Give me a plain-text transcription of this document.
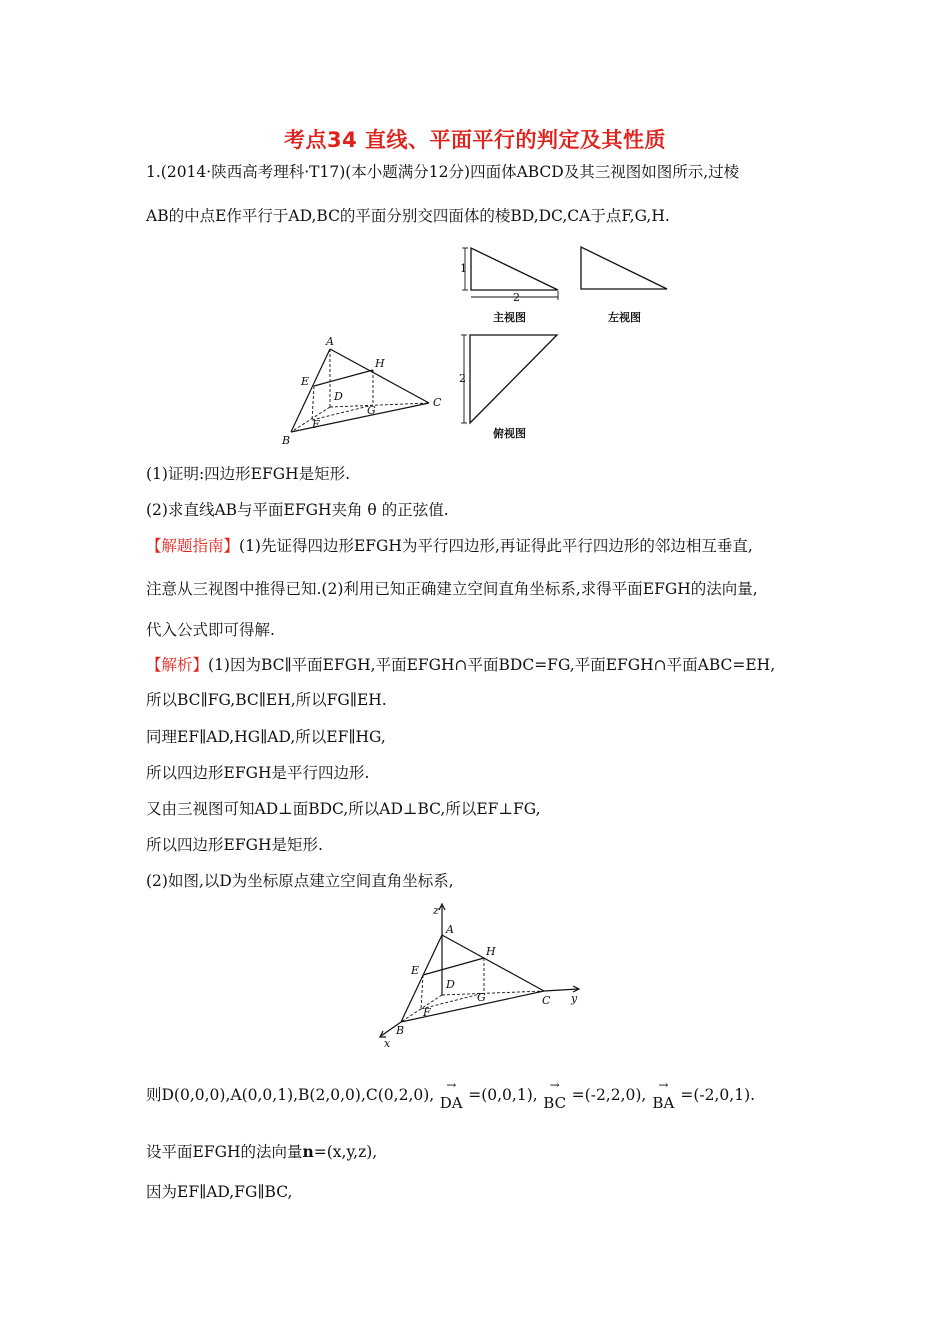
考点34 直线、平面平行的判定及其性质
1.(2014·陕西高考理科·T17)(本小题满分12分)四面体ABCD及其三视图如图所示,过棱
AB的中点E作平行于AD,BC的平面分别交四面体的棱BD,DC,CA于点F,G,H.
1
2
主视图	左视图
2
俯视图
A
B
C
D
E
F
G
H
(1)证明:四边形EFGH是矩形.
(2)求直线AB与平面EFGH夹角 θ 的正弦值.
【解题指南】(1)先证得四边形EFGH为平行四边形,再证得此平行四边形的邻边相互垂直,
注意从三视图中推得已知.(2)利用已知正确建立空间直角坐标系,求得平面EFGH的法向量,
代入公式即可得解.
【解析】(1)因为BC∥平面EFGH,平面EFGH∩平面BDC=FG,平面EFGH∩平面ABC=EH,
所以BC∥FG,BC∥EH,所以FG∥EH.
同理EF∥AD,HG∥AD,所以EF∥HG,
所以四边形EFGH是平行四边形.
又由三视图可知AD⊥面BDC,所以AD⊥BC,所以EF⊥FG,
所以四边形EFGH是矩形.
(2)如图,以D为坐标原点建立空间直角坐标系,
z
y
x
A
B
C
D
E
F
G
H
则D(0,0,0),A(0,0,1),B(2,0,0),C(0,2,0),
→
DA =(0,0,1),
→
BC =(-2,2,0),
→
BA =(-2,0,1).
设平面EFGH的法向量n=(x,y,z),
因为EF∥AD,FG∥BC,
